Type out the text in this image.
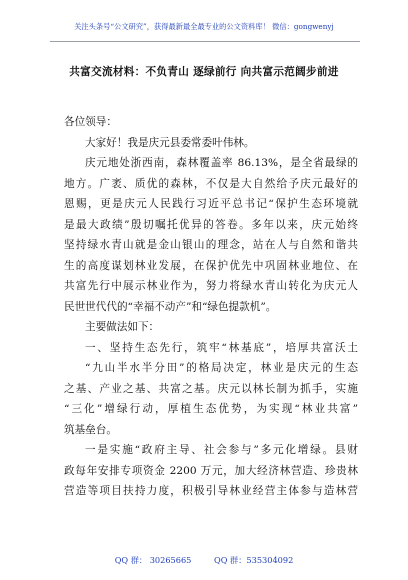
关注头条号“公文研究”，获得最新最全最专业的公文资料库！ 微信：gongwenyj
共富交流材料：不负青山 逐绿前行 向共富示范阔步前进
各位领导：
大家好！我是庆元县委常委叶伟林。
庆元地处浙西南，森林覆盖率 86.13%，是全省最绿的
地方。广袤、质优的森林，不仅是大自然给予庆元最好的
恩赐，更是庆元人民践行习近平总书记“保护生态环境就
是最大政绩”殷切嘱托优异的答卷。多年以来，庆元始终
坚持绿水青山就是金山银山的理念，站在人与自然和谐共
生的高度谋划林业发展，在保护优先中巩固林业地位、在
共富先行中展示林业作为，努力将绿水青山转化为庆元人
民世世代代的“幸福不动产”和“绿色提款机”。
主要做法如下：
一、坚持生态先行，筑牢“林基底”，培厚共富沃土
“九山半水半分田”的格局决定，林业是庆元的生态
之基、产业之基、共富之基。庆元以林长制为抓手，实施
“三化”增绿行动，厚植生态优势，为实现“林业共富”
筑基垒台。
一是实施“政府主导、社会参与”多元化增绿。县财
政每年安排专项资金 2200 万元，加大经济林营造、珍贵林
营造等项目扶持力度，积极引导林业经营主体参与造林营
QQ 群： 30265665	QQ 群：535304092
